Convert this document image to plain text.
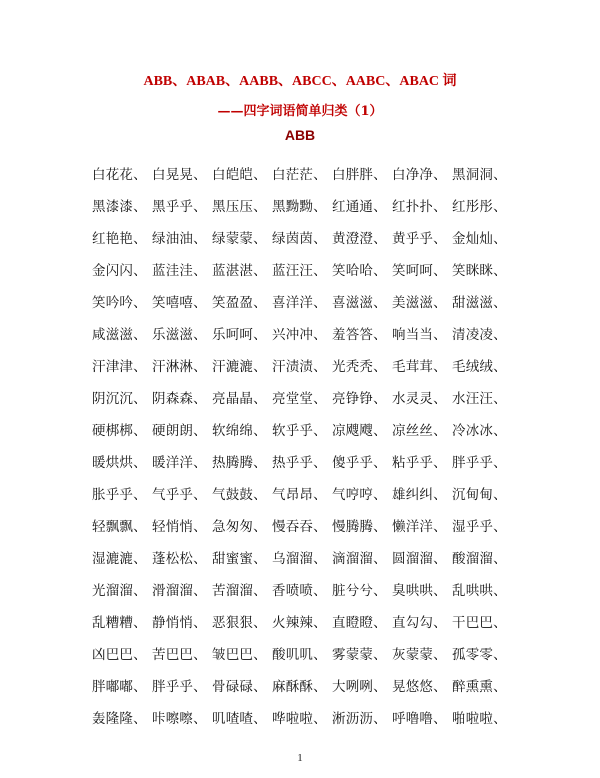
ABB、ABAB、AABB、ABCC、AABC、ABAC 词
——四字词语简单归类（1）
ABB
白花花、 白晃晃、 白皑皑、 白茫茫、 白胖胖、 白净净、 黑洞洞、
黑漆漆、 黑乎乎、 黑压压、 黑黝黝、 红通通、 红扑扑、 红彤彤、
红艳艳、 绿油油、 绿蒙蒙、 绿茵茵、 黄澄澄、 黄乎乎、 金灿灿、
金闪闪、 蓝洼洼、 蓝湛湛、 蓝汪汪、 笑哈哈、 笑呵呵、 笑眯眯、
笑吟吟、 笑嘻嘻、 笑盈盈、 喜洋洋、 喜滋滋、 美滋滋、 甜滋滋、
咸滋滋、 乐滋滋、 乐呵呵、 兴冲冲、 羞答答、 响当当、 清凌凌、
汗津津、 汗淋淋、 汗漉漉、 汗渍渍、 光秃秃、 毛茸茸、 毛绒绒、
阴沉沉、 阴森森、 亮晶晶、 亮堂堂、 亮铮铮、 水灵灵、 水汪汪、
硬梆梆、 硬朗朗、 软绵绵、 软乎乎、 凉飕飕、 凉丝丝、 冷冰冰、
暖烘烘、 暖洋洋、 热腾腾、 热乎乎、 傻乎乎、 粘乎乎、 胖乎乎、
胀乎乎、 气乎乎、 气鼓鼓、 气昂昂、 气哼哼、 雄纠纠、 沉甸甸、
轻飘飘、 轻悄悄、 急匆匆、 慢吞吞、 慢腾腾、 懒洋洋、 湿乎乎、
湿漉漉、 蓬松松、 甜蜜蜜、 乌溜溜、 滴溜溜、 圆溜溜、 酸溜溜、
光溜溜、 滑溜溜、 苦溜溜、 香喷喷、 脏兮兮、 臭哄哄、 乱哄哄、
乱糟糟、 静悄悄、 恶狠狠、 火辣辣、 直瞪瞪、 直勾勾、 干巴巴、
凶巴巴、 苦巴巴、 皱巴巴、 酸叽叽、 雾蒙蒙、 灰蒙蒙、 孤零零、
胖嘟嘟、 胖乎乎、 骨碌碌、 麻酥酥、 大咧咧、 晃悠悠、 醉熏熏、
轰隆隆、 咔嚓嚓、 叽喳喳、 哗啦啦、 淅沥沥、 呼噜噜、 啪啦啦、
1
